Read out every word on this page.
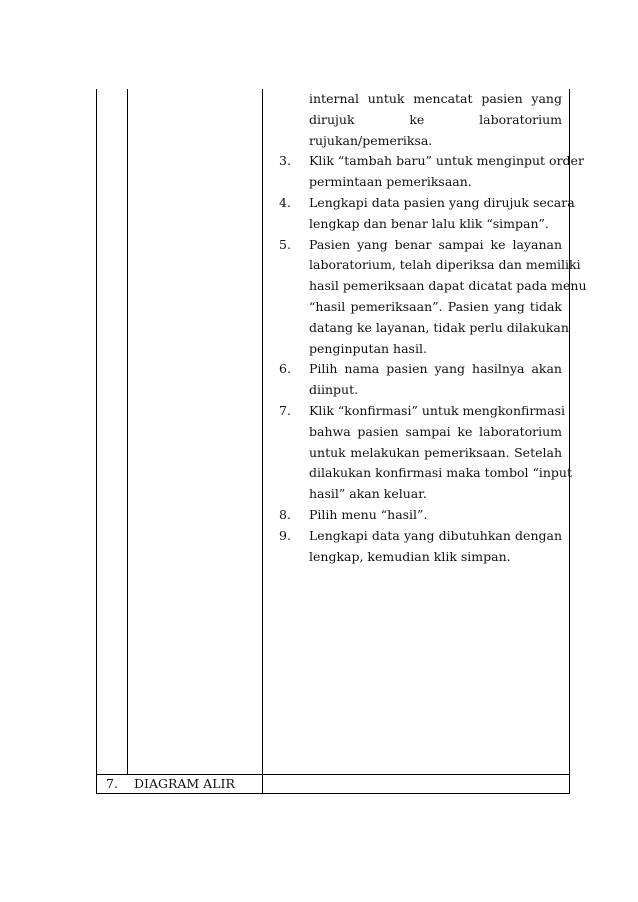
7.	DIAGRAM ALIR
internal untuk mencatat pasien yang
dirujuk ke laboratorium
rujukan/pemeriksa.
3. Klik “tambah baru” untuk menginput order
permintaan pemeriksaan.
4. Lengkapi data pasien yang dirujuk secara
lengkap dan benar lalu klik “simpan”.
5. Pasien yang benar sampai ke layanan
laboratorium, telah diperiksa dan memiliki
hasil pemeriksaan dapat dicatat pada menu
“hasil pemeriksaan”. Pasien yang tidak
datang ke layanan, tidak perlu dilakukan
penginputan hasil.
6. Pilih nama pasien yang hasilnya akan
diinput.
7. Klik “konfirmasi” untuk mengkonfirmasi
bahwa pasien sampai ke laboratorium
untuk melakukan pemeriksaan. Setelah
dilakukan konfirmasi maka tombol “input
hasil” akan keluar.
8. Pilih menu “hasil”.
9. Lengkapi data yang dibutuhkan dengan
lengkap, kemudian klik simpan.
